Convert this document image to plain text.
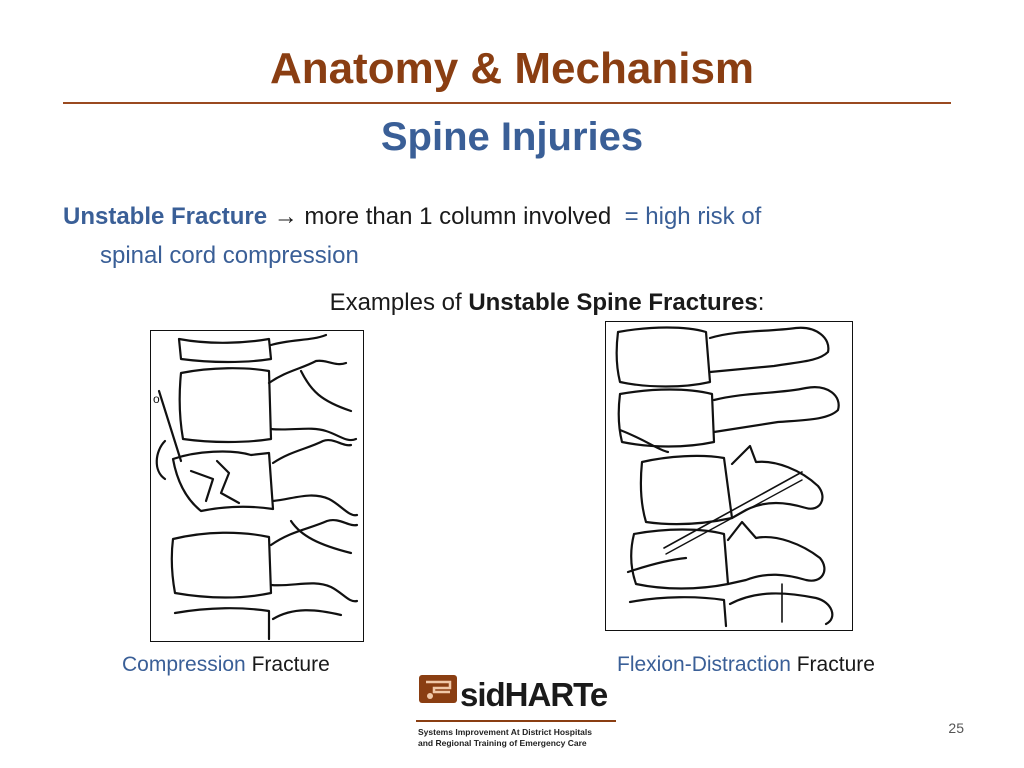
Anatomy & Mechanism
Spine Injuries
Unstable Fracture → more than 1 column involved = high risk of
spinal cord compression
Examples of Unstable Spine Fractures:
o
Compression Fracture	Flexion-Distraction Fracture
sidHARTe
Systems Improvement At District Hospitals
and Regional Training of Emergency Care
25
